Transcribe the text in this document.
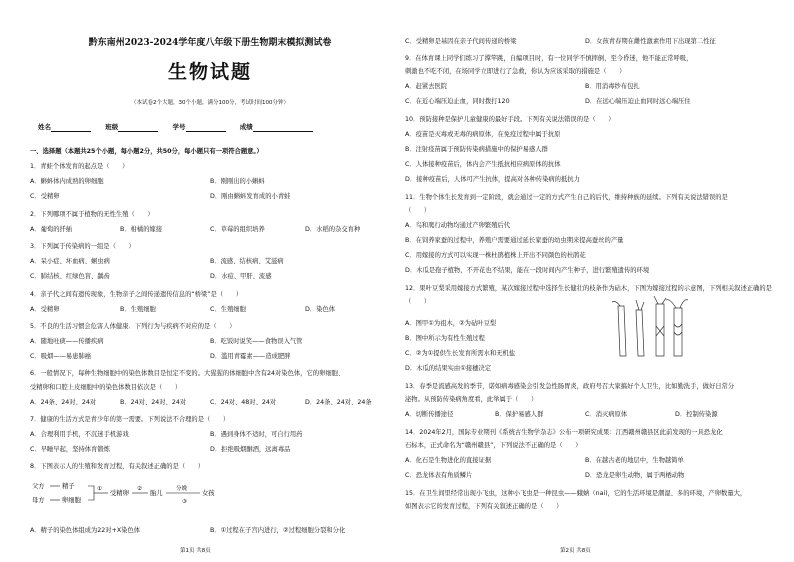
黔东南州2023-2024学年度八年级下册生物期末模拟测试卷
生物试题
（本试卷2个大题，30个小题，满分100分，考试时间100分钟）
姓名	班级	学号	成绩
一、选择题（本题共25个小题，每小题2分，共50分，每小题只有一项符合题意。）
1．青蛙个体发育的起点是（　　）
A．蝌蚪体内成熟的卵细胞	B．刚刚出的小蝌蚪
C．受精卵	D．刚由蝌蚪发育成的小青蛙
2．下列哪项不属于植物的无性生殖（　　）
A．葡萄的扦插	B．柑橘的嫁接	C．草莓的组织培养	D．水稻的杂交育种
3．下列属于传染病的一组是（　　）
A．呆小症、坏血病、蛔虫病	B．流感、结核病、艾滋病
C．肺结核、红绿色盲、龋齿	D．水痘、甲肝、流感
4．亲子代之间有遗传现象，生物亲子之间传递遗传信息的“桥梁”是（　　）
A．受精卵	B．生殖细胞	C．生殖细胞	D．染色体
5．不良的生活习惯会危害人体健康．下列行为与疾病不对应的是（　　）
A．随地吐痰——传播疾病	B．吃饭时说笑——食物误入气管
C．吸烟——易患肺癌	D．滥用青霉素——造成肥胖
6．一般情况下，每种生物细胞中的染色体数目是恒定不变的。大猩猩的体细胞中含有24对染色体，它的卵细胞、
受精卵和口腔上皮细胞中的染色体数目依次是（　　）
A．24条、24对、24对	B．24对、24对、24对	C．24对、48对、24对	D．24条、24对、24条
7．健康的生活方式是青少年的第一需要。下列说法不合理的是（　　）
A．合理利用手机，不沉迷手机游戏	B．遇到身体不适时，可自行用药
C．早睡早起，坚持体育锻炼	D．拒绝吸烟酗酒，远离毒品
8．下图表示人的生殖和发育过程，有关叙述正确的是（　　）
父方
母方
精子
卵细胞
①
受精卵
②
胎儿
分娩
女孩
③
A．精子的染色体组成为22对+X染色体	B．①过程在子宫内进行，②过程细胞分裂和分化
C．受精卵是基因在亲子代间传递的桥梁	D．女孩青春期在雌性激素作用下出现第二性征
9．在体育课上同学们练习了撑竿跳，自编项目时，有一位同学不慎摔倒，至今昏迷，他不能正常呼吸，
刺激也不吃不闭，在场同学立即进行了急救，你认为应该采取的措施是（　　）
A．赶紧去医院	B．用消毒纱布包扎
C．在近心端压迫止血，同时拨打120	D．在远心端压迫止血同时远心端压住
10．预防接种是保护儿童健康的最好手段。下列有关说法错误的是（　　）
A．疫苗是灭毒或无毒的病原体，在免疫过程中属于抗原
B．注射疫苗属于预防传染病措施中的保护易感人群
C．人体接种疫苗后，体内会产生抵抗相应病原体的抗体
D．接种疫苗后，人体可产生抗体，提高对各种传染病的抵抗力
11．生物个体生长发育到一定阶段，就会通过一定的方式产生自己的后代，维持种族的延续。下列有关说法错误的是
（　　）
A．鸟和爬行动物均通过产卵繁殖后代
B．在饲养家蚕的过程中，养殖户需要通过延长家蚕的幼虫期来提高蚕丝的产量
C．用嫁接的方式可以实现一株杜鹃植株上开出不同颜色的杜鹃花
D．木瓜是孢子植物，不开花也不结果，能在一段时间内产生种子，进行繁殖遗传的环境
12．果叶豆梨采用嫁接方式繁殖，某次嫁接过程中选择生长健壮的枝条作为砧木，下图为嫁接过程的示意图，下列相关叙述正确的是
（　　）
A．图甲①为祖木，②为砧叶豆梨
B．图中所示为有性生殖过程
C．②为①提供生长发育所需水和无机盐
D．木瓜的结果实由①接穗决定
13．春季是流感高发的季节，诺如病毒感染会引发急性肠胃炎，政府号召大家搞好个人卫生，比如勤洗手，做好日常分
泌物。从预防传染病角度看，此举属于（　　）
A．切断传播途径	B．保护易感人群	C．消灭病原体	D．控制传染源
14．2024年2月，国际专业期刊《系统古生物学杂志》公布一项研究成果：江西赣州赣县区此前发现的一具恐龙化
石标本，正式命名为“赣州赣县”，下列说法不正确的是（　　）
A．化石是生物进化的直接证据	B．在越古老的地层中，生物越简单
C．恐龙体表有角质鳞片	D．恐龙是卵生动物，属于两栖动物
15．在卫生间里经常出现小飞虫，这种小飞虫是一种昆虫——蛾蚋（nai)，它的生活环境是潮湿、多的环境，产卵数量大，
如图表示它的发育过程，下列有关叙述正确的是（　　）
第1页 共8页	第2页 共8页
